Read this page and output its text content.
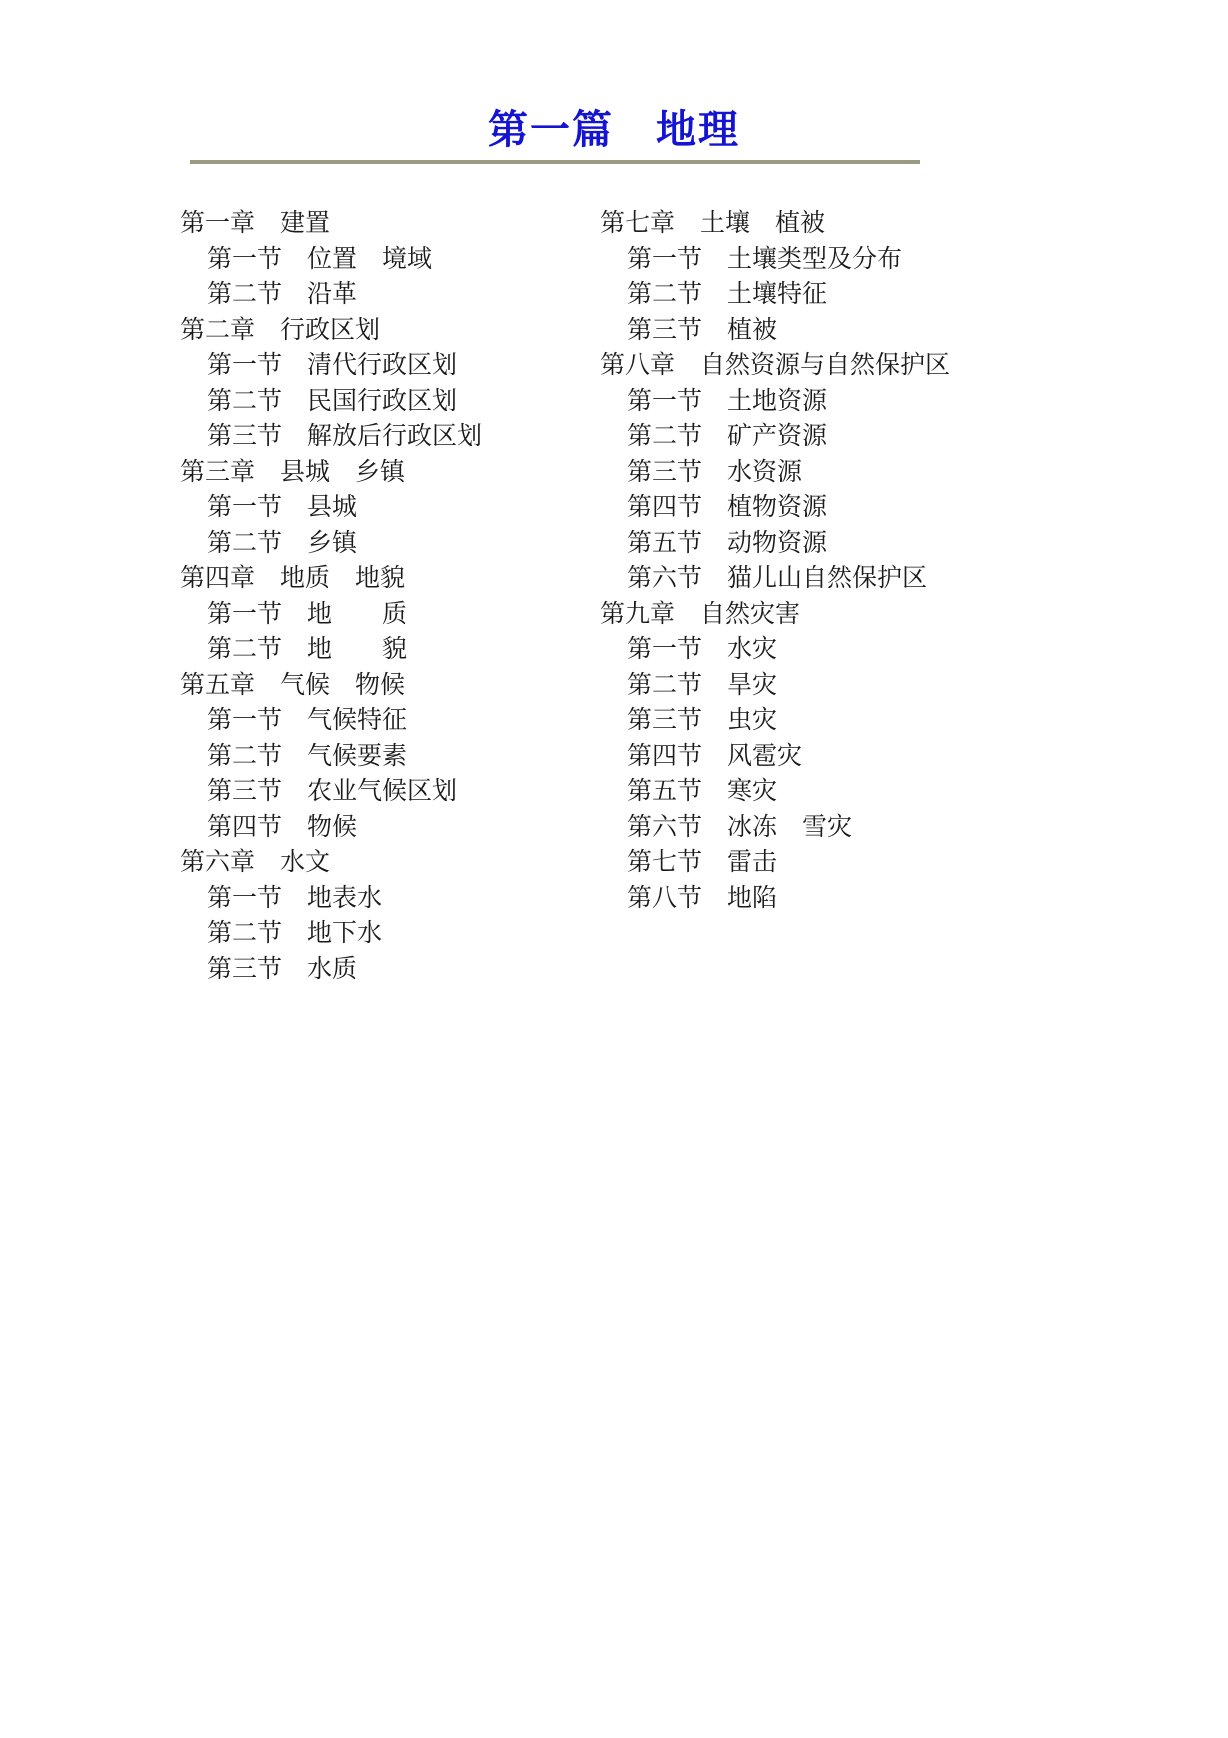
第一篇　地理
第一章　建置
第一节　位置　境域
第二节　沿革
第二章　行政区划
第一节　清代行政区划
第二节　民国行政区划
第三节　解放后行政区划
第三章　县城　乡镇
第一节　县城
第二节　乡镇
第四章　地质　地貌
第一节　地　　质
第二节　地　　貌
第五章　气候　物候
第一节　气候特征
第二节　气候要素
第三节　农业气候区划
第四节　物候
第六章　水文
第一节　地表水
第二节　地下水
第三节　水质
第七章　土壤　植被
第一节　土壤类型及分布
第二节　土壤特征
第三节　植被
第八章　自然资源与自然保护区
第一节　土地资源
第二节　矿产资源
第三节　水资源
第四节　植物资源
第五节　动物资源
第六节　猫儿山自然保护区
第九章　自然灾害
第一节　水灾
第二节　旱灾
第三节　虫灾
第四节　风雹灾
第五节　寒灾
第六节　冰冻　雪灾
第七节　雷击
第八节　地陷
